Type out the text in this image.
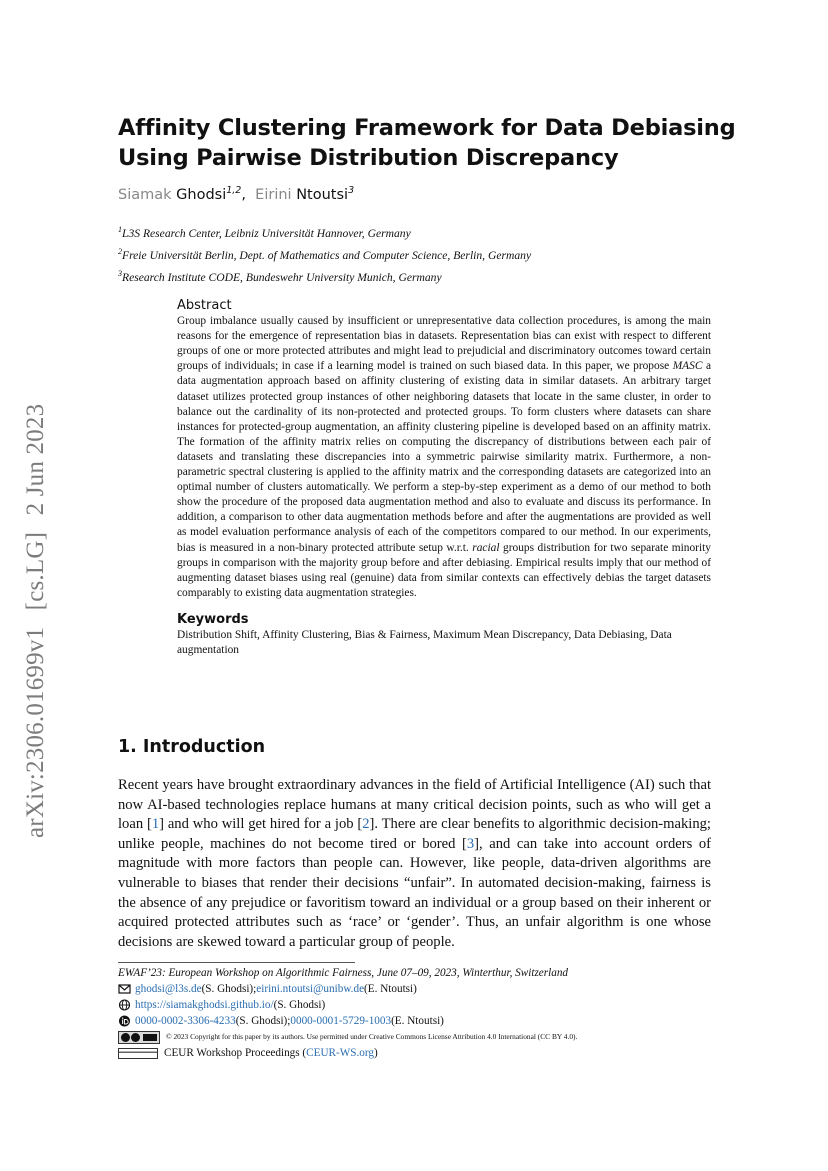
arXiv:2306.01699v1 [cs.LG] 2 Jun 2023
Affinity Clustering Framework for Data Debiasing
Using Pairwise Distribution Discrepancy
Siamak Ghodsi$^{1,2}$,  Eirini Ntoutsi$^3$
$^1$L3S Research Center, Leibniz Universität Hannover, Germany
$^2$Freie Universität Berlin, Dept. of Mathematics and Computer Science, Berlin, Germany
$^3$Research Institute CODE, Bundeswehr University Munich, Germany
Abstract
Group imbalance usually caused by insufficient or unrepresentative data collection procedures, is among the main reasons for the emergence of representation bias in datasets. Representation bias can exist with respect to different groups of one or more protected attributes and might lead to prejudicial and discriminatory outcomes toward certain groups of individuals; in case if a learning model is trained on such biased data. In this paper, we propose MASC a data augmentation approach based on affinity clustering of existing data in similar datasets. An arbitrary target dataset utilizes protected group instances of other neighboring datasets that locate in the same cluster, in order to balance out the cardinality of its non-protected and protected groups. To form clusters where datasets can share instances for protected-group augmentation, an affinity clustering pipeline is developed based on an affinity matrix. The formation of the affinity matrix relies on computing the discrepancy of distributions between each pair of datasets and translating these discrepancies into a symmetric pairwise similarity matrix. Furthermore, a non-parametric spectral clustering is applied to the affinity matrix and the corresponding datasets are categorized into an optimal number of clusters automatically. We perform a step-by-step experiment as a demo of our method to both show the procedure of the proposed data augmentation method and also to evaluate and discuss its performance. In addition, a comparison to other data augmentation methods before and after the augmentations are provided as well as model evaluation performance analysis of each of the competitors compared to our method. In our experiments, bias is measured in a non-binary protected attribute setup w.r.t. racial groups distribution for two separate minority groups in comparison with the majority group before and after debiasing. Empirical results imply that our method of augmenting dataset biases using real (genuine) data from similar contexts can effectively debias the target datasets comparably to existing data augmentation strategies.
Keywords
Distribution Shift, Affinity Clustering, Bias & Fairness, Maximum Mean Discrepancy, Data Debiasing, Data augmentation
1. Introduction
Recent years have brought extraordinary advances in the field of Artificial Intelligence (AI) such that now AI-based technologies replace humans at many critical decision points, such as who will get a loan [1] and who will get hired for a job [2]. There are clear benefits to algorithmic decision-making; unlike people, machines do not become tired or bored [3], and can take into account orders of magnitude with more factors than people can. However, like people, data-driven algorithms are vulnerable to biases that render their decisions “unfair”. In automated decision-making, fairness is the absence of any prejudice or favoritism toward an individual or a group based on their inherent or acquired protected attributes such as ‘race’ or ‘gender’. Thus, an unfair algorithm is one whose decisions are skewed toward a particular group of people.
EWAF’23: European Workshop on Algorithmic Fairness, June 07–09, 2023, Winterthur, Switzerland
ghodsi@l3s.de (S. Ghodsi); eirini.ntoutsi@unibw.de (E. Ntoutsi)
https://siamakghodsi.github.io/ (S. Ghodsi)
0000-0002-3306-4233 (S. Ghodsi); 0000-0001-5729-1003 (E. Ntoutsi)
© 2023 Copyright for this paper by its authors. Use permitted under Creative Commons License Attribution 4.0 International (CC BY 4.0).
CEUR Workshop Proceedings ( CEUR-WS.org )
